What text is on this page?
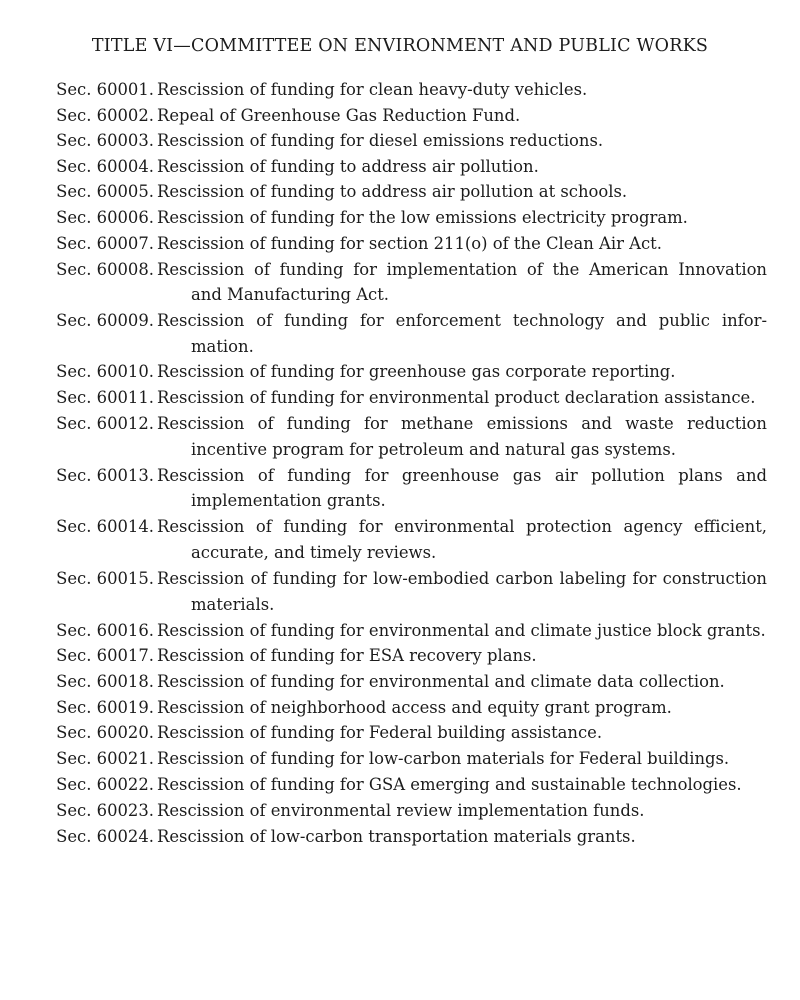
TITLE VI—COMMITTEE ON ENVIRONMENT AND PUBLIC WORKS
Sec. 60001. Rescission of funding for clean heavy-duty vehicles.
Sec. 60002. Repeal of Greenhouse Gas Reduction Fund.
Sec. 60003. Rescission of funding for diesel emissions reductions.
Sec. 60004. Rescission of funding to address air pollution.
Sec. 60005. Rescission of funding to address air pollution at schools.
Sec. 60006. Rescission of funding for the low emissions electricity program.
Sec. 60007. Rescission of funding for section 211(o) of the Clean Air Act.
Sec. 60008. Rescission of funding for implementation of the American Innovation and Manufacturing Act.
Sec. 60009. Rescission of funding for enforcement technology and public information.
Sec. 60010. Rescission of funding for greenhouse gas corporate reporting.
Sec. 60011. Rescission of funding for environmental product declaration assistance.
Sec. 60012. Rescission of funding for methane emissions and waste reduction incentive program for petroleum and natural gas systems.
Sec. 60013. Rescission of funding for greenhouse gas air pollution plans and implementation grants.
Sec. 60014. Rescission of funding for environmental protection agency efficient, accurate, and timely reviews.
Sec. 60015. Rescission of funding for low-embodied carbon labeling for construction materials.
Sec. 60016. Rescission of funding for environmental and climate justice block grants.
Sec. 60017. Rescission of funding for ESA recovery plans.
Sec. 60018. Rescission of funding for environmental and climate data collection.
Sec. 60019. Rescission of neighborhood access and equity grant program.
Sec. 60020. Rescission of funding for Federal building assistance.
Sec. 60021. Rescission of funding for low-carbon materials for Federal buildings.
Sec. 60022. Rescission of funding for GSA emerging and sustainable technologies.
Sec. 60023. Rescission of environmental review implementation funds.
Sec. 60024. Rescission of low-carbon transportation materials grants.
